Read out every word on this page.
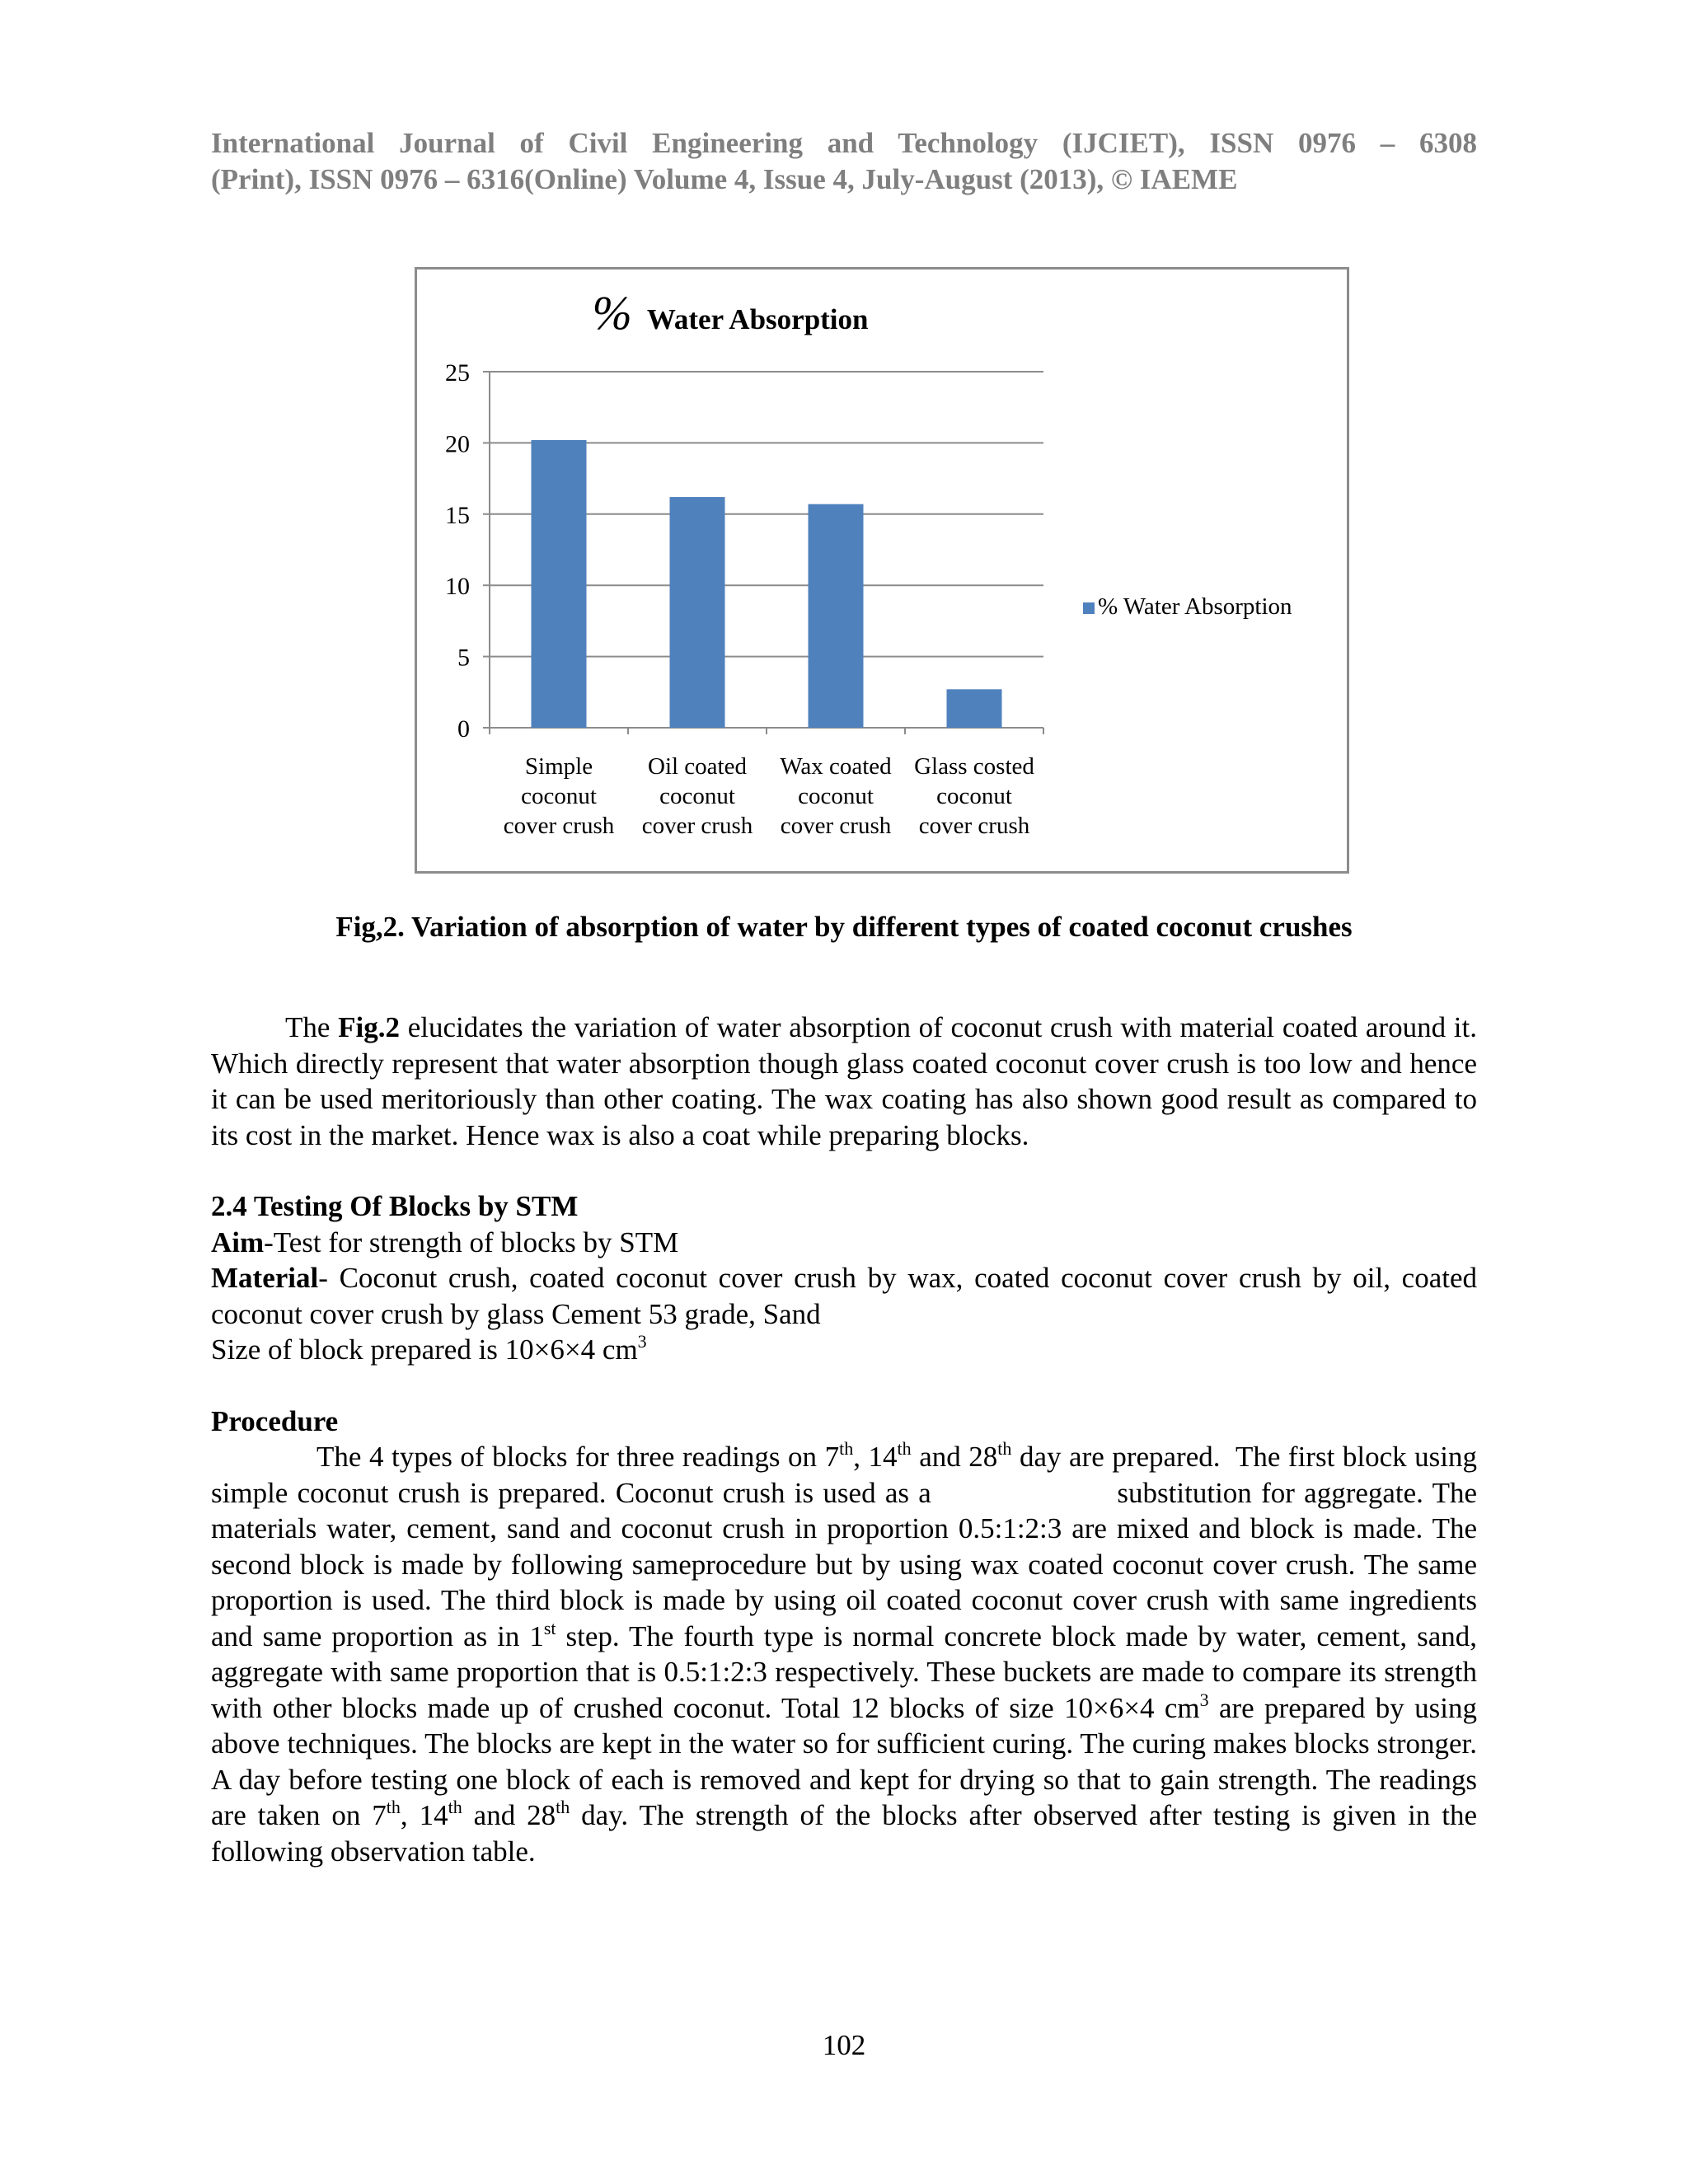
International Journal of Civil Engineering and Technology (IJCIET), ISSN 0976 – 6308
(Print), ISSN 0976 – 6316(Online) Volume 4, Issue 4, July-August (2013), © IAEME
% Water Absorption
0
5
10
15
20
25
Simple
coconut
cover crush
Oil coated
coconut
cover crush
Wax coated
coconut
cover crush
Glass costed
coconut
cover crush
% Water Absorption
Fig,2. Variation of absorption of water by different types of coated coconut crushes
The Fig.2 elucidates the variation of water absorption of coconut crush with material coated around it. Which directly represent that water absorption though glass coated coconut cover crush is too low and hence it can be used meritoriously than other coating. The wax coating has also shown good result as compared to its cost in the market. Hence wax is also a coat while preparing blocks.
2.4 Testing Of Blocks by STM
Aim-Test for strength of blocks by STM
Material- Coconut crush, coated coconut cover crush by wax, coated coconut cover crush by oil, coated coconut cover crush by glass Cement 53 grade, Sand
Size of block prepared is 10×6×4 $cm^3$
Procedure
The 4 types of blocks for three readings on 7th, 14th and 28th day are prepared.  The first block using simple coconut crush is prepared. Coconut crush is used as a                    substitution for aggregate. The materials water, cement, sand and coconut crush in proportion 0.5:1:2:3 are mixed and block is made. The second block is made by following sameprocedure but by using wax coated coconut cover crush. The same proportion is used. The third block is made by using oil coated coconut cover crush with same ingredients and same proportion as in 1st step. The fourth type is normal concrete block made by water, cement, sand, aggregate with same proportion that is 0.5:1:2:3 respectively. These buckets are made to compare its strength with other blocks made up of crushed coconut. Total 12 blocks of size 10×6×4 $cm^3$ are prepared by using above techniques. The blocks are kept in the water so for sufficient curing. The curing makes blocks stronger. A day before testing one block of each is removed and kept for drying so that to gain strength. The readings are taken on 7th, 14th and 28th day. The strength of the blocks after observed after testing is given in the following observation table.
102
